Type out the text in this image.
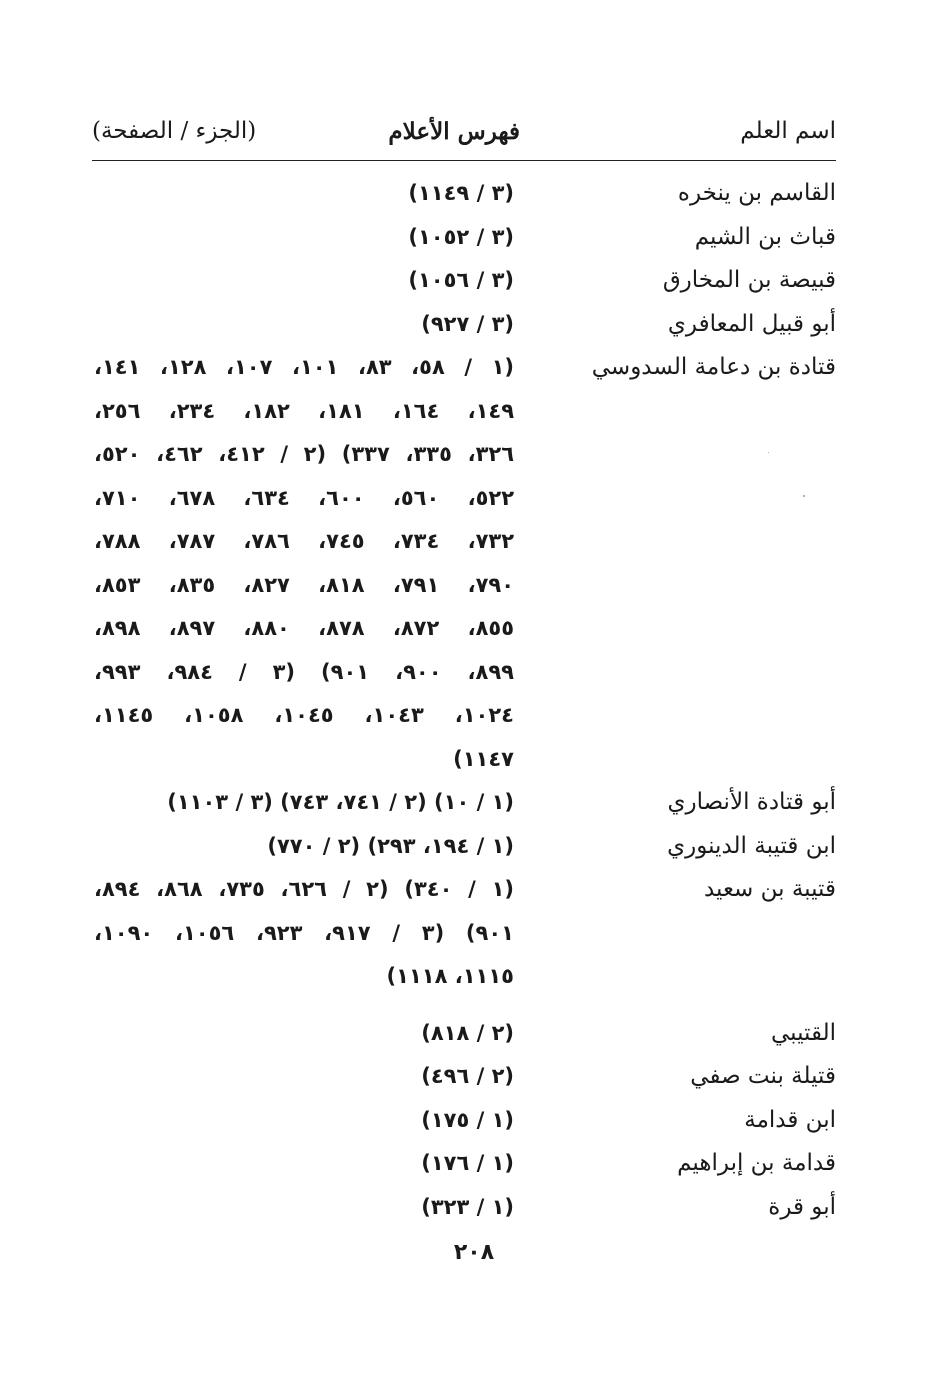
اسم العلم
فهرس الأعلام
(الجزء / الصفحة)
القاسم بن ينخره
(٣ / ١١٤٩)
قباث بن الشيم
(٣ / ١٠٥٢)
قبيصة بن المخارق
(٣ / ١٠٥٦)
أبو قبيل المعافري
(٣ / ٩٢٧)
قتادة بن دعامة السدوسي
(١ / ٥٨، ٨٣، ١٠١، ١٠٧، ١٢٨، ١٤١،
١٤٩، ١٦٤، ١٨١، ١٨٢، ٢٣٤، ٢٥٦،
٣٢٦، ٣٣٥، ٣٣٧) (٢ / ٤١٢، ٤٦٢، ٥٢٠،
٥٢٢، ٥٦٠، ٦٠٠، ٦٣٤، ٦٧٨، ٧١٠،
٧٣٢، ٧٣٤، ٧٤٥، ٧٨٦، ٧٨٧، ٧٨٨،
٧٩٠، ٧٩١، ٨١٨، ٨٢٧، ٨٣٥، ٨٥٣،
٨٥٥، ٨٧٢، ٨٧٨، ٨٨٠، ٨٩٧، ٨٩٨،
٨٩٩، ٩٠٠، ٩٠١) (٣ / ٩٨٤، ٩٩٣،
١٠٢٤، ١٠٤٣، ١٠٤٥، ١٠٥٨، ١١٤٥،
١١٤٧)
أبو قتادة الأنصاري
(١ / ١٠) (٢ / ٧٤١، ٧٤٣) (٣ / ١١٠٣)
ابن قتيبة الدينوري
(١ / ١٩٤، ٢٩٣) (٢ / ٧٧٠)
قتيبة بن سعيد
(١ / ٣٤٠) (٢ / ٦٢٦، ٧٣٥، ٨٦٨، ٨٩٤،
٩٠١) (٣ / ٩١٧، ٩٢٣، ١٠٥٦، ١٠٩٠،
١١١٥، ١١١٨)
القتيبي
(٢ / ٨١٨)
قتيلة بنت صفي
(٢ / ٤٩٦)
ابن قدامة
(١ / ١٧٥)
قدامة بن إبراهيم
(١ / ١٧٦)
أبو قرة
(١ / ٣٢٣)
٢٠٨
